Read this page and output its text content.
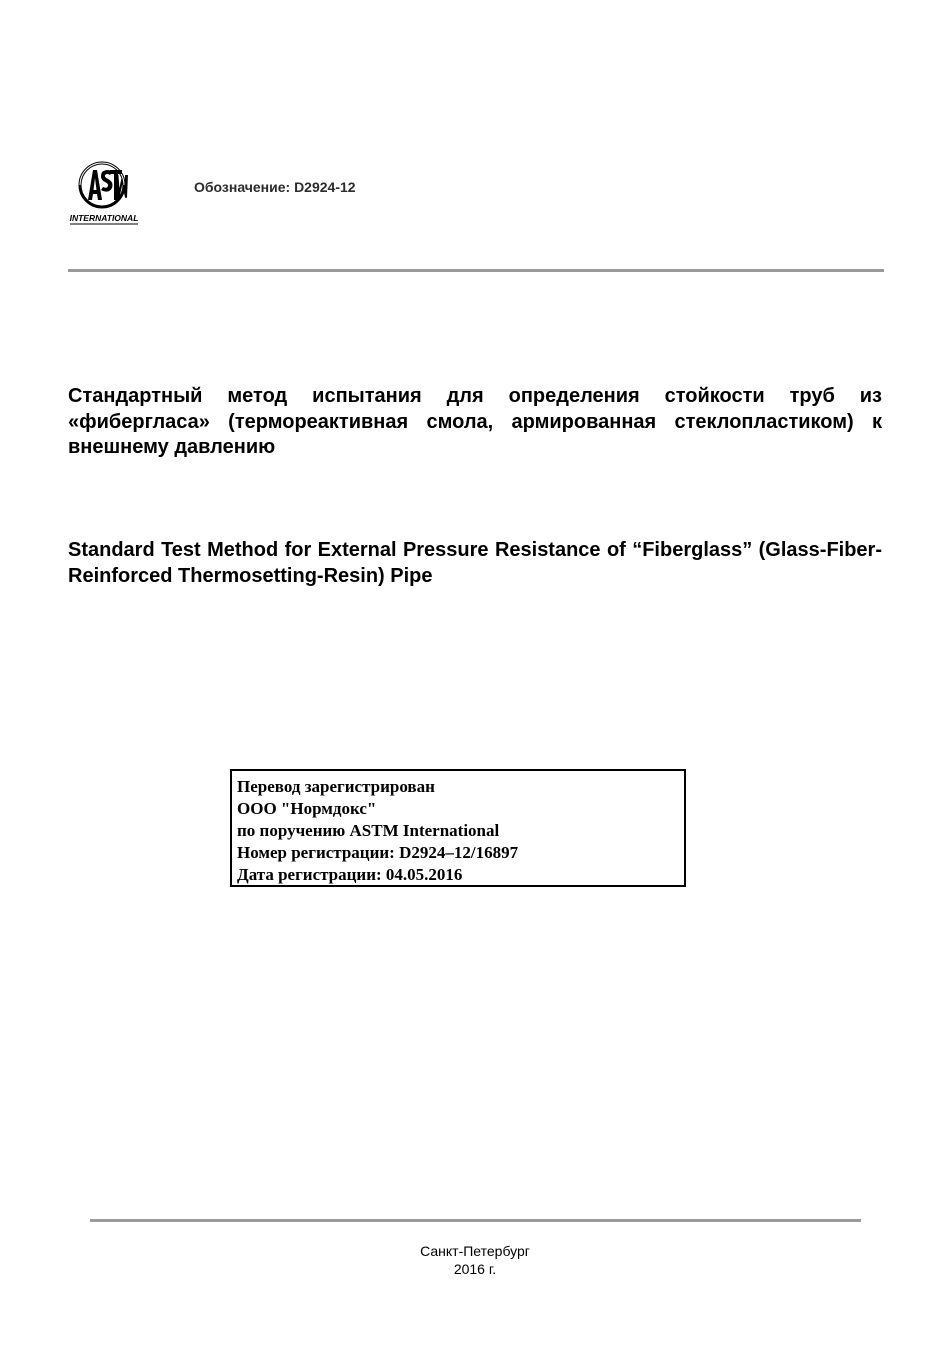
INTERNATIONAL
Обозначение: D2924-12

Стандартный метод испытания для определения стойкости труб из «фибергласа» (термореактивная смола, армированная стеклопластиком) к внешнему давлению

Standard Test Method for External Pressure Resistance of “Fiberglass” (Glass-Fiber-Reinforced Thermosetting-Resin) Pipe

Перевод зарегистрирован
ООО "Нормдокс"
по поручению ASTM International
Номер регистрации: D2924–12/16897
Дата регистрации: 04.05.2016
Санкт-Петербург
2016 г.
